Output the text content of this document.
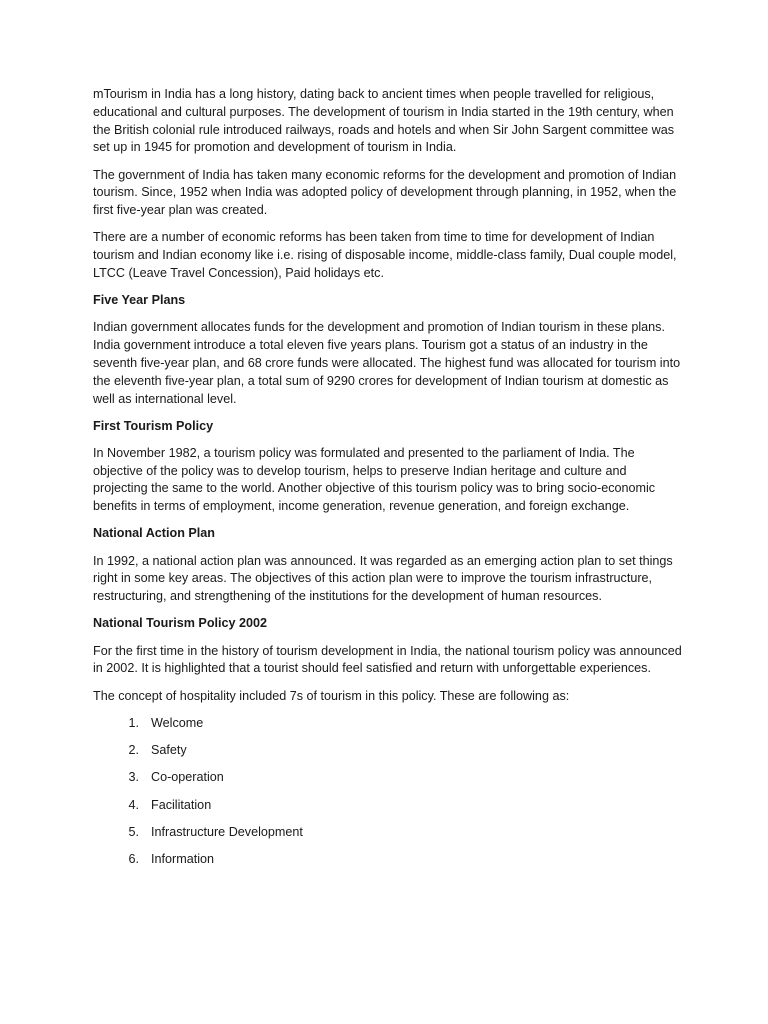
mTourism in India has a long history, dating back to ancient times when people travelled for religious, educational and cultural purposes. The development of tourism in India started in the 19th century, when the British colonial rule introduced railways, roads and hotels and when Sir John Sargent committee was set up in 1945 for promotion and development of tourism in India.

The government of India has taken many economic reforms for the development and promotion of Indian tourism. Since, 1952 when India was adopted policy of development through planning, in 1952, when the first five-year plan was created.

There are a number of economic reforms has been taken from time to time for development of Indian tourism and Indian economy like i.e. rising of disposable income, middle-class family, Dual couple model, LTCC (Leave Travel Concession), Paid holidays etc.

Five Year Plans

Indian government allocates funds for the development and promotion of Indian tourism in these plans. India government introduce a total eleven five years plans. Tourism got a status of an industry in the seventh five-year plan, and 68 crore funds were allocated. The highest fund was allocated for tourism into the eleventh five-year plan, a total sum of 9290 crores for development of Indian tourism at domestic as well as international level.

First Tourism Policy

In November 1982, a tourism policy was formulated and presented to the parliament of India. The objective of the policy was to develop tourism, helps to preserve Indian heritage and culture and projecting the same to the world. Another objective of this tourism policy was to bring socio-economic benefits in terms of employment, income generation, revenue generation, and foreign exchange.

National Action Plan

In 1992, a national action plan was announced. It was regarded as an emerging action plan to set things right in some key areas. The objectives of this action plan were to improve the tourism infrastructure, restructuring, and strengthening of the institutions for the development of human resources.

National Tourism Policy 2002

For the first time in the history of tourism development in India, the national tourism policy was announced in 2002. It is highlighted that a tourist should feel satisfied and return with unforgettable experiences.

The concept of hospitality included 7s of tourism in this policy. These are following as:

1. Welcome
2. Safety
3. Co-operation
4. Facilitation
5. Infrastructure Development
6. Information
